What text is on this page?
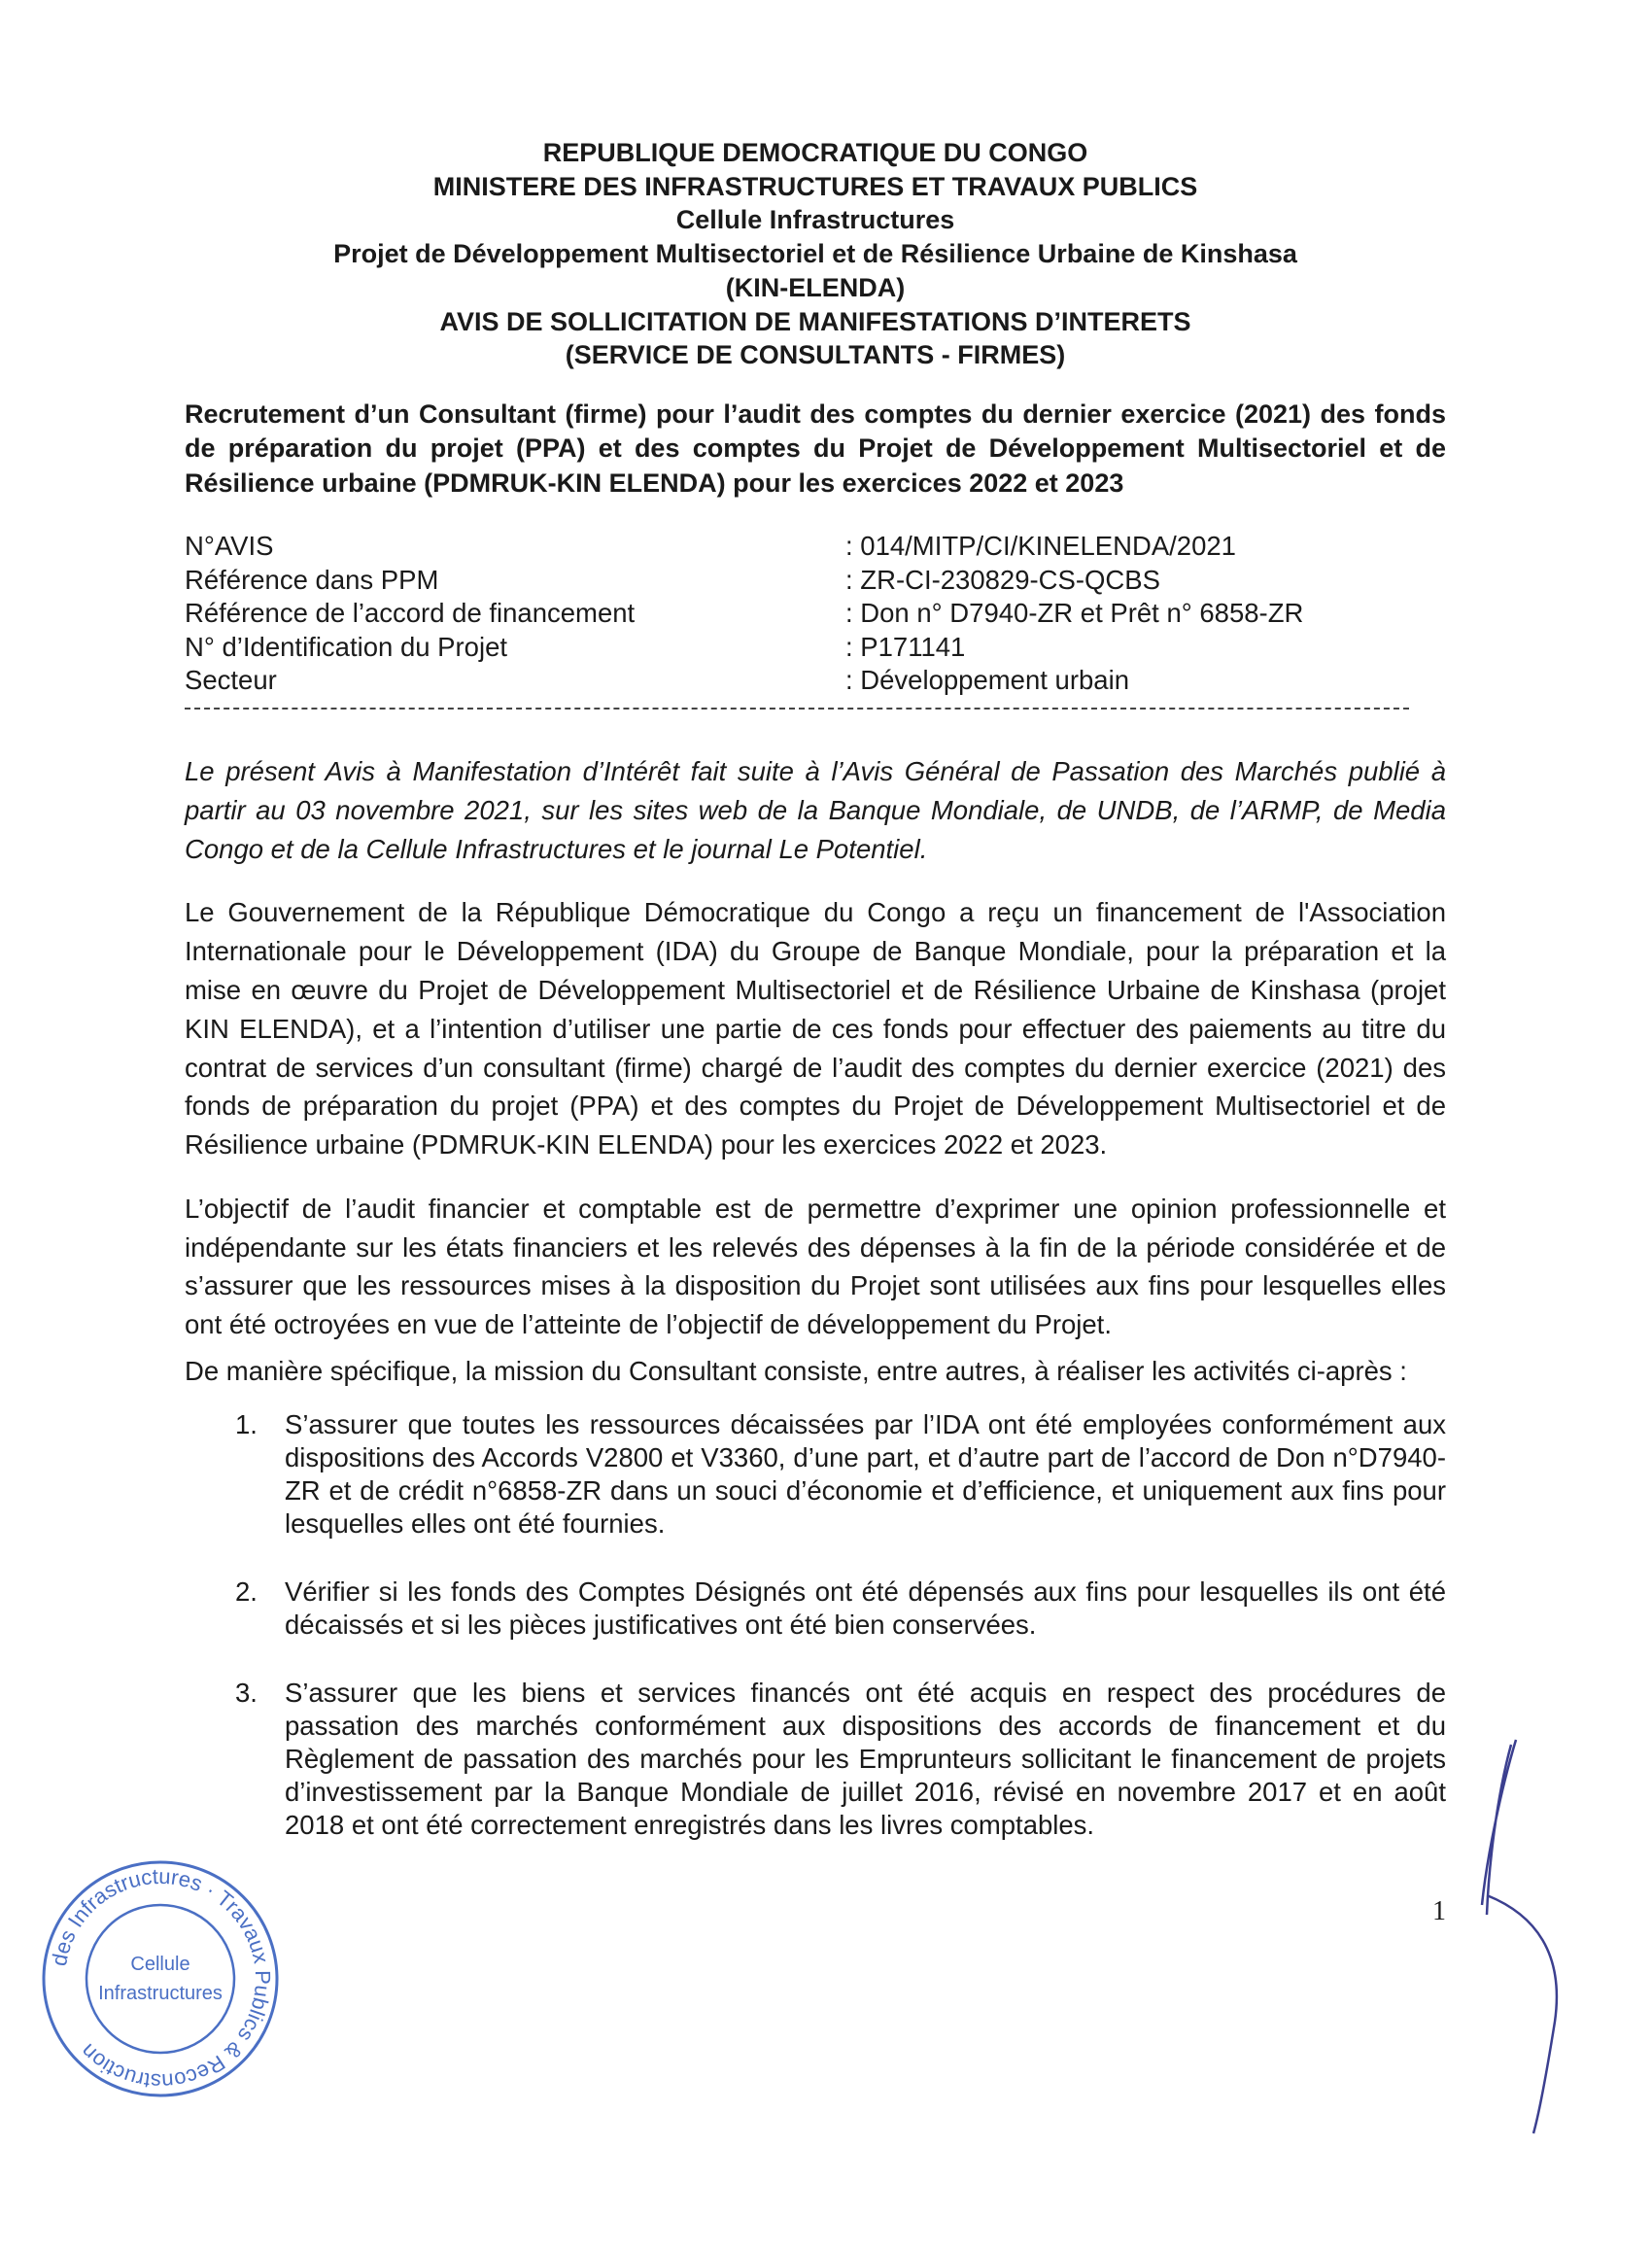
REPUBLIQUE DEMOCRATIQUE DU CONGO
MINISTERE DES INFRASTRUCTURES ET TRAVAUX PUBLICS
Cellule Infrastructures
Projet de Développement Multisectoriel et de Résilience Urbaine de Kinshasa
(KIN-ELENDA)
AVIS DE SOLLICITATION DE MANIFESTATIONS D’INTERETS
(SERVICE DE CONSULTANTS - FIRMES)
Recrutement d’un Consultant (firme) pour l’audit des comptes du dernier exercice (2021) des fonds de préparation du projet (PPA) et des comptes du Projet de Développement Multisectoriel et de Résilience urbaine (PDMRUK-KIN ELENDA) pour les exercices 2022 et 2023
N°AVIS	: 014/MITP/CI/KINELENDA/2021
Référence dans PPM	: ZR-CI-230829-CS-QCBS
Référence de l’accord de financement	: Don n° D7940-ZR et Prêt n° 6858-ZR
N° d’Identification du Projet	: P171141
Secteur	: Développement urbain
Le présent Avis à Manifestation d’Intérêt fait suite à l’Avis Général de Passation des Marchés publié à partir au 03 novembre 2021, sur les sites web de la Banque Mondiale, de UNDB, de l’ARMP, de Media Congo et de la Cellule Infrastructures et le journal Le Potentiel.
Le Gouvernement de la République Démocratique du Congo a reçu un financement de l'Association Internationale pour le Développement (IDA) du Groupe de Banque Mondiale, pour la préparation et la mise en œuvre du Projet de Développement Multisectoriel et de Résilience Urbaine de Kinshasa (projet KIN ELENDA), et a l’intention d’utiliser une partie de ces fonds pour effectuer des paiements au titre du contrat de services d’un consultant (firme) chargé de l’audit des comptes du dernier exercice (2021) des fonds de préparation du projet (PPA) et des comptes du Projet de Développement Multisectoriel et de Résilience urbaine (PDMRUK-KIN ELENDA) pour les exercices 2022 et 2023.
L’objectif de l’audit financier et comptable est de permettre d’exprimer une opinion professionnelle et indépendante sur les états financiers et les relevés des dépenses à la fin de la période considérée et de s’assurer que les ressources mises à la disposition du Projet sont utilisées aux fins pour lesquelles elles ont été octroyées en vue de l’atteinte de l’objectif de développement du Projet.
De manière spécifique, la mission du Consultant consiste, entre autres, à réaliser les activités ci-après :
1.	S’assurer que toutes les ressources décaissées par l’IDA ont été employées conformément aux dispositions des Accords V2800 et V3360, d’une part, et d’autre part de l’accord de Don n°D7940-ZR et de crédit n°6858-ZR dans un souci d’économie et d’efficience, et uniquement aux fins pour lesquelles elles ont été fournies.
2.	Vérifier si les fonds des Comptes Désignés ont été dépensés aux fins pour lesquelles ils ont été décaissés et si les pièces justificatives ont été bien conservées.
3.	S’assurer que les biens et services financés ont été acquis en respect des procédures de passation des marchés conformément aux dispositions des accords de financement et du Règlement de passation des marchés pour les Emprunteurs sollicitant le financement de projets d’investissement par la Banque Mondiale de juillet 2016, révisé en novembre 2017 et en août 2018 et ont été correctement enregistrés dans les livres comptables.
des Infrastructures · Travaux Publics & Reconstruction
Cellule
Infrastructures
1
